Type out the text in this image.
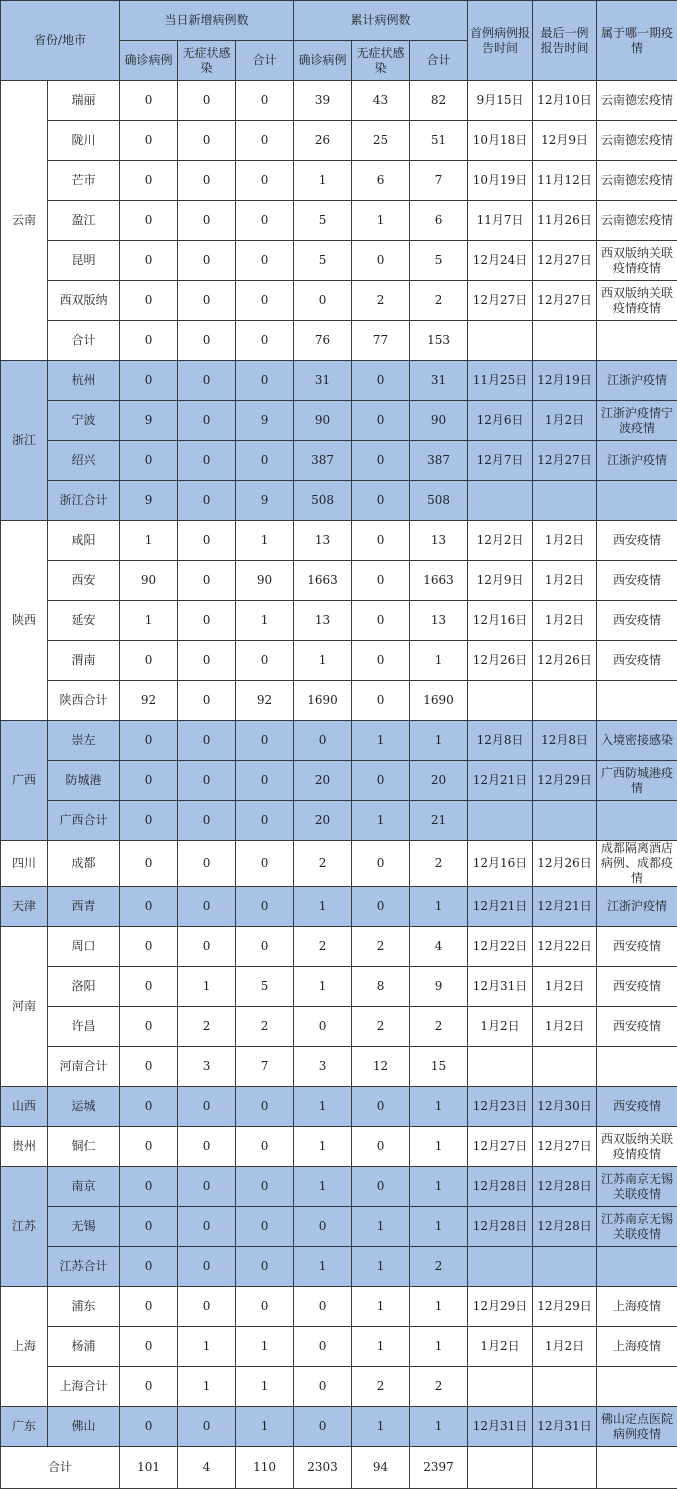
省份/地市		当日新增病例数			累计病例数			首例病例报告时间	最后一例报告时间	属于哪一期疫情
		确诊病例	无症状感染	合计	确诊病例	无症状感染	合计			
云南	瑞丽	0	0	0	39	43	82	9月15日	12月10日	云南德宏疫情
	陇川	0	0	0	26	25	51	10月18日	12月9日	云南德宏疫情
	芒市	0	0	0	1	6	7	10月19日	11月12日	云南德宏疫情
	盈江	0	0	0	5	1	6	11月7日	11月26日	云南德宏疫情
	昆明	0	0	0	5	0	5	12月24日	12月27日	西双版纳关联疫情疫情
	西双版纳	0	0	0	0	2	2	12月27日	12月27日	西双版纳关联疫情疫情
	合计	0	0	0	76	77	153			
浙江	杭州	0	0	0	31	0	31	11月25日	12月19日	江浙沪疫情
	宁波	9	0	9	90	0	90	12月6日	1月2日	江浙沪疫情宁波疫情
	绍兴	0	0	0	387	0	387	12月7日	12月27日	江浙沪疫情
	浙江合计	9	0	9	508	0	508			
陕西	咸阳	1	0	1	13	0	13	12月2日	1月2日	西安疫情
	西安	90	0	90	1663	0	1663	12月9日	1月2日	西安疫情
	延安	1	0	1	13	0	13	12月16日	1月2日	西安疫情
	渭南	0	0	0	1	0	1	12月26日	12月26日	西安疫情
	陕西合计	92	0	92	1690	0	1690			
广西	崇左	0	0	0	0	1	1	12月8日	12月8日	入境密接感染
	防城港	0	0	0	20	0	20	12月21日	12月29日	广西防城港疫情
	广西合计	0	0	0	20	1	21			
四川	成都	0	0	0	2	0	2	12月16日	12月26日	成都隔离酒店病例、成都疫情
天津	西青	0	0	0	1	0	1	12月21日	12月21日	江浙沪疫情
河南	周口	0	0	0	2	2	4	12月22日	12月22日	西安疫情
	洛阳	0	1	5	1	8	9	12月31日	1月2日	西安疫情
	许昌	0	2	2	0	2	2	1月2日	1月2日	西安疫情
	河南合计	0	3	7	3	12	15			
山西	运城	0	0	0	1	0	1	12月23日	12月30日	西安疫情
贵州	铜仁	0	0	0	1	0	1	12月27日	12月27日	西双版纳关联疫情疫情
江苏	南京	0	0	0	1	0	1	12月28日	12月28日	江苏南京无锡关联疫情
	无锡	0	0	0	0	1	1	12月28日	12月28日	江苏南京无锡关联疫情
	江苏合计	0	0	0	1	1	2			
上海	浦东	0	0	0	0	1	1	12月29日	12月29日	上海疫情
	杨浦	0	1	1	0	1	1	1月2日	1月2日	上海疫情
	上海合计	0	1	1	0	2	2			
广东	佛山	0	0	1	0	1	1	12月31日	12月31日	佛山定点医院病例疫情
合计		101	4	110	2303	94	2397			
